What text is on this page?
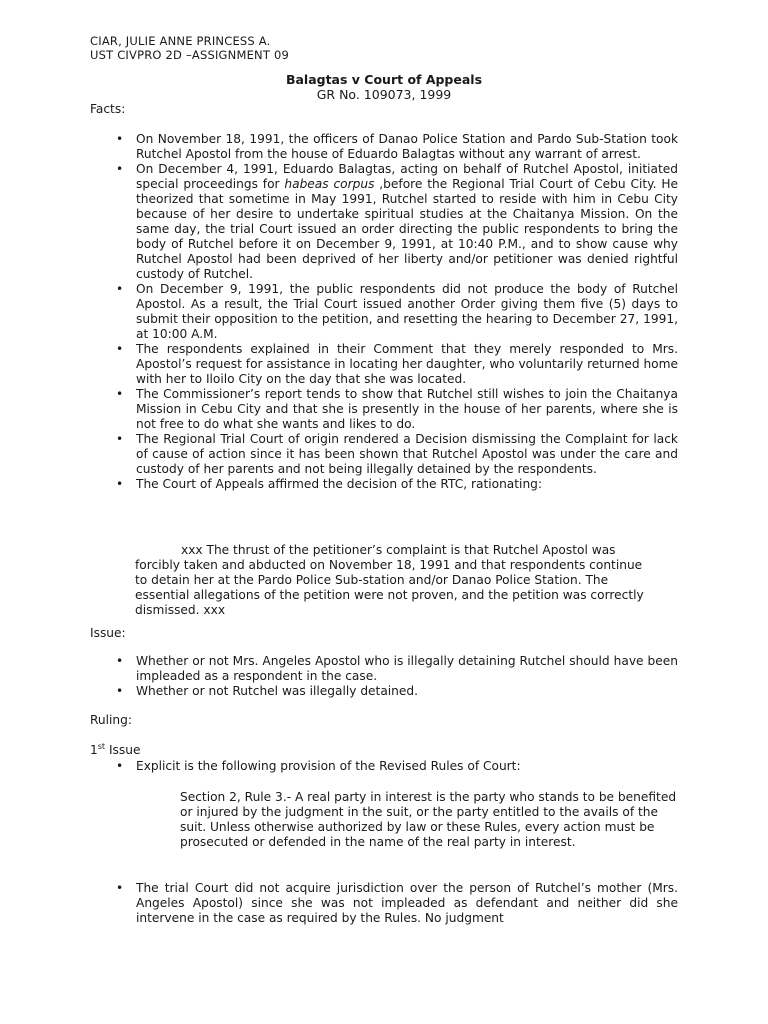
CIAR, JULIE ANNE PRINCESS A.
UST CIVPRO 2D –ASSIGNMENT 09
Balagtas v Court of Appeals
GR No. 109073, 1999
Facts:
• On November 18, 1991, the officers of Danao Police Station and Pardo Sub-Station took Rutchel Apostol from the house of Eduardo Balagtas without any warrant of arrest.
• On December 4, 1991, Eduardo Balagtas, acting on behalf of Rutchel Apostol, initiated special proceedings for habeas corpus ,before the Regional Trial Court of Cebu City. He theorized that sometime in May 1991, Rutchel started to reside with him in Cebu City because of her desire to undertake spiritual studies at the Chaitanya Mission. On the same day, the trial Court issued an order directing the public respondents to bring the body of Rutchel before it on December 9, 1991, at 10:40 P.M., and to show cause why Rutchel Apostol had been deprived of her liberty and/or petitioner was denied rightful custody of Rutchel.
• On December 9, 1991, the public respondents did not produce the body of Rutchel Apostol. As a result, the Trial Court issued another Order giving them five (5) days to submit their opposition to the petition, and resetting the hearing to December 27, 1991, at 10:00 A.M.
• The respondents explained in their Comment that they merely responded to Mrs. Apostol’s request for assistance in locating her daughter, who voluntarily returned home with her to Iloilo City on the day that she was located.
• The Commissioner’s report tends to show that Rutchel still wishes to join the Chaitanya Mission in Cebu City and that she is presently in the house of her parents, where she is not free to do what she wants and likes to do.
• The Regional Trial Court of origin rendered a Decision dismissing the Complaint for lack of cause of action since it has been shown that Rutchel Apostol was under the care and custody of her parents and not being illegally detained by the respondents.
• The Court of Appeals affirmed the decision of the RTC, rationating:
xxx The thrust of the petitioner’s complaint is that Rutchel Apostol was
forcibly taken and abducted on November 18, 1991 and that respondents continue to detain her at the Pardo Police Sub-station and/or Danao Police Station. The essential allegations of the petition were not proven, and the petition was correctly dismissed. xxx
Issue:
• Whether or not Mrs. Angeles Apostol who is illegally detaining Rutchel should have been impleaded as a respondent in the case.
• Whether or not Rutchel was illegally detained.
Ruling:
1st Issue
• Explicit is the following provision of the Revised Rules of Court:
Section 2, Rule 3.- A real party in interest is the party who stands to be benefited or injured by the judgment in the suit, or the party entitled to the avails of the suit. Unless otherwise authorized by law or these Rules, every action must be prosecuted or defended in the name of the real party in interest.
• The trial Court did not acquire jurisdiction over the person of Rutchel’s mother (Mrs. Angeles Apostol) since she was not impleaded as defendant and neither did she intervene in the case as required by the Rules. No judgment
